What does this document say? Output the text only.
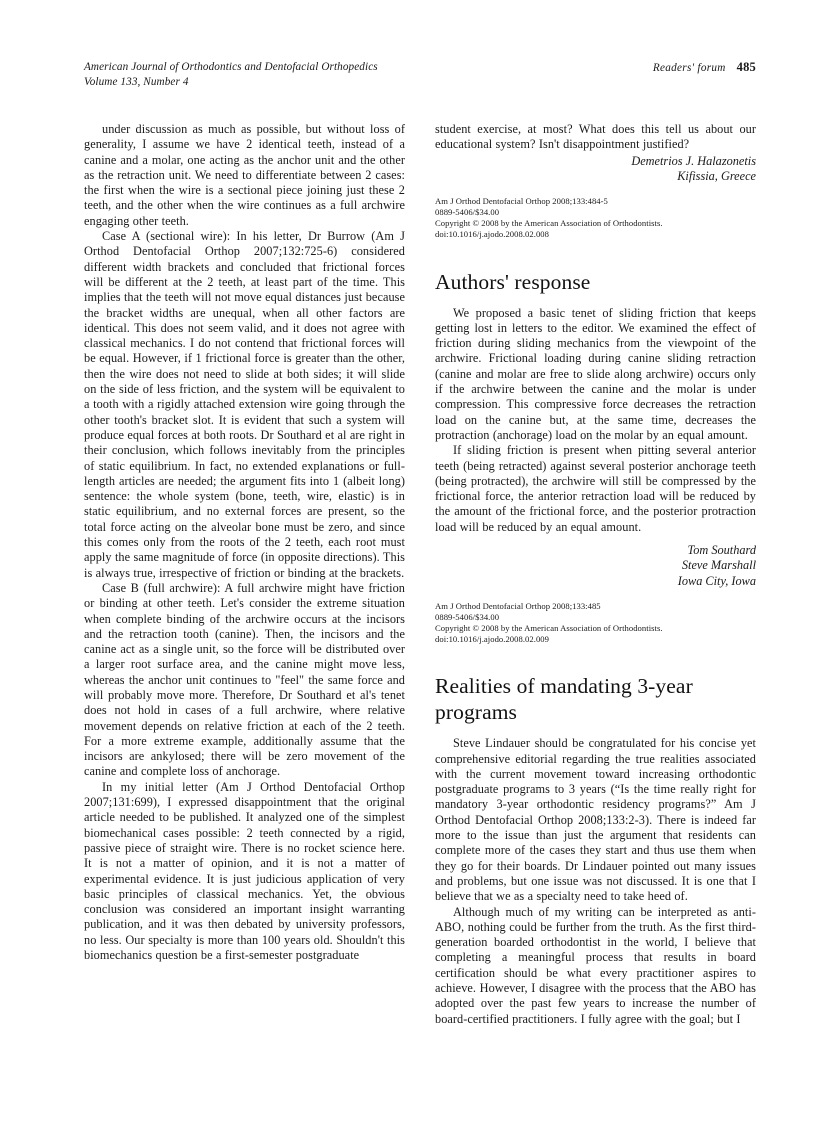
American Journal of Orthodontics and Dentofacial Orthopedics
Volume 133, Number 4
Readers' forum 485

under discussion as much as possible, but without loss of generality, I assume we have 2 identical teeth, instead of a canine and a molar, one acting as the anchor unit and the other as the retraction unit. We need to differentiate between 2 cases: the first when the wire is a sectional piece joining just these 2 teeth, and the other when the wire continues as a full archwire engaging other teeth.

Case A (sectional wire): In his letter, Dr Burrow (Am J Orthod Dentofacial Orthop 2007;132:725-6) considered different width brackets and concluded that frictional forces will be different at the 2 teeth, at least part of the time. This implies that the teeth will not move equal distances just because the bracket widths are unequal, when all other factors are identical. This does not seem valid, and it does not agree with classical mechanics. I do not contend that frictional forces will be equal. However, if 1 frictional force is greater than the other, then the wire does not need to slide at both sides; it will slide on the side of less friction, and the system will be equivalent to a tooth with a rigidly attached extension wire going through the other tooth's bracket slot. It is evident that such a system will produce equal forces at both roots. Dr Southard et al are right in their conclusion, which follows inevitably from the principles of static equilibrium. In fact, no extended explanations or full-length articles are needed; the argument fits into 1 (albeit long) sentence: the whole system (bone, teeth, wire, elastic) is in static equilibrium, and no external forces are present, so the total force acting on the alveolar bone must be zero, and since this comes only from the roots of the 2 teeth, each root must apply the same magnitude of force (in opposite directions). This is always true, irrespective of friction or binding at the brackets.

Case B (full archwire): A full archwire might have friction or binding at other teeth. Let's consider the extreme situation when complete binding of the archwire occurs at the incisors and the retraction tooth (canine). Then, the incisors and the canine act as a single unit, so the force will be distributed over a larger root surface area, and the canine might move less, whereas the anchor unit continues to "feel" the same force and will probably move more. Therefore, Dr Southard et al's tenet does not hold in cases of a full archwire, where relative movement depends on relative friction at each of the 2 teeth. For a more extreme example, additionally assume that the incisors are ankylosed; there will be zero movement of the canine and complete loss of anchorage.

In my initial letter (Am J Orthod Dentofacial Orthop 2007;131:699), I expressed disappointment that the original article needed to be published. It analyzed one of the simplest biomechanical cases possible: 2 teeth connected by a rigid, passive piece of straight wire. There is no rocket science here. It is not a matter of opinion, and it is not a matter of experimental evidence. It is just judicious application of very basic principles of classical mechanics. Yet, the obvious conclusion was considered an important insight warranting publication, and it was then debated by university professors, no less. Our specialty is more than 100 years old. Shouldn't this biomechanics question be a first-semester postgraduate

student exercise, at most? What does this tell us about our educational system? Isn't disappointment justified?

Demetrios J. Halazonetis
Kifissia, Greece
Am J Orthod Dentofacial Orthop 2008;133:484-5
0889-5406/$34.00
Copyright © 2008 by the American Association of Orthodontists.
doi:10.1016/j.ajodo.2008.02.008
Authors' response

We proposed a basic tenet of sliding friction that keeps getting lost in letters to the editor. We examined the effect of friction during sliding mechanics from the viewpoint of the archwire. Frictional loading during canine sliding retraction (canine and molar are free to slide along archwire) occurs only if the archwire between the canine and the molar is under compression. This compressive force decreases the retraction load on the canine but, at the same time, decreases the protraction (anchorage) load on the molar by an equal amount.

If sliding friction is present when pitting several anterior teeth (being retracted) against several posterior anchorage teeth (being protracted), the archwire will still be compressed by the frictional force, the anterior retraction load will be reduced by the amount of the frictional force, and the posterior protraction load will be reduced by an equal amount.

Tom Southard
Steve Marshall
Iowa City, Iowa
Am J Orthod Dentofacial Orthop 2008;133:485
0889-5406/$34.00
Copyright © 2008 by the American Association of Orthodontists.
doi:10.1016/j.ajodo.2008.02.009
Realities of mandating 3-year programs

Steve Lindauer should be congratulated for his concise yet comprehensive editorial regarding the true realities associated with the current movement toward increasing orthodontic postgraduate programs to 3 years (“Is the time really right for mandatory 3-year orthodontic residency programs?” Am J Orthod Dentofacial Orthop 2008;133:2-3). There is indeed far more to the issue than just the argument that residents can complete more of the cases they start and thus use them when they go for their boards. Dr Lindauer pointed out many issues and problems, but one issue was not discussed. It is one that I believe that we as a specialty need to take heed of.

Although much of my writing can be interpreted as anti-ABO, nothing could be further from the truth. As the first third-generation boarded orthodontist in the world, I believe that completing a meaningful process that results in board certification should be what every practitioner aspires to achieve. However, I disagree with the process that the ABO has adopted over the past few years to increase the number of board-certified practitioners. I fully agree with the goal; but I
